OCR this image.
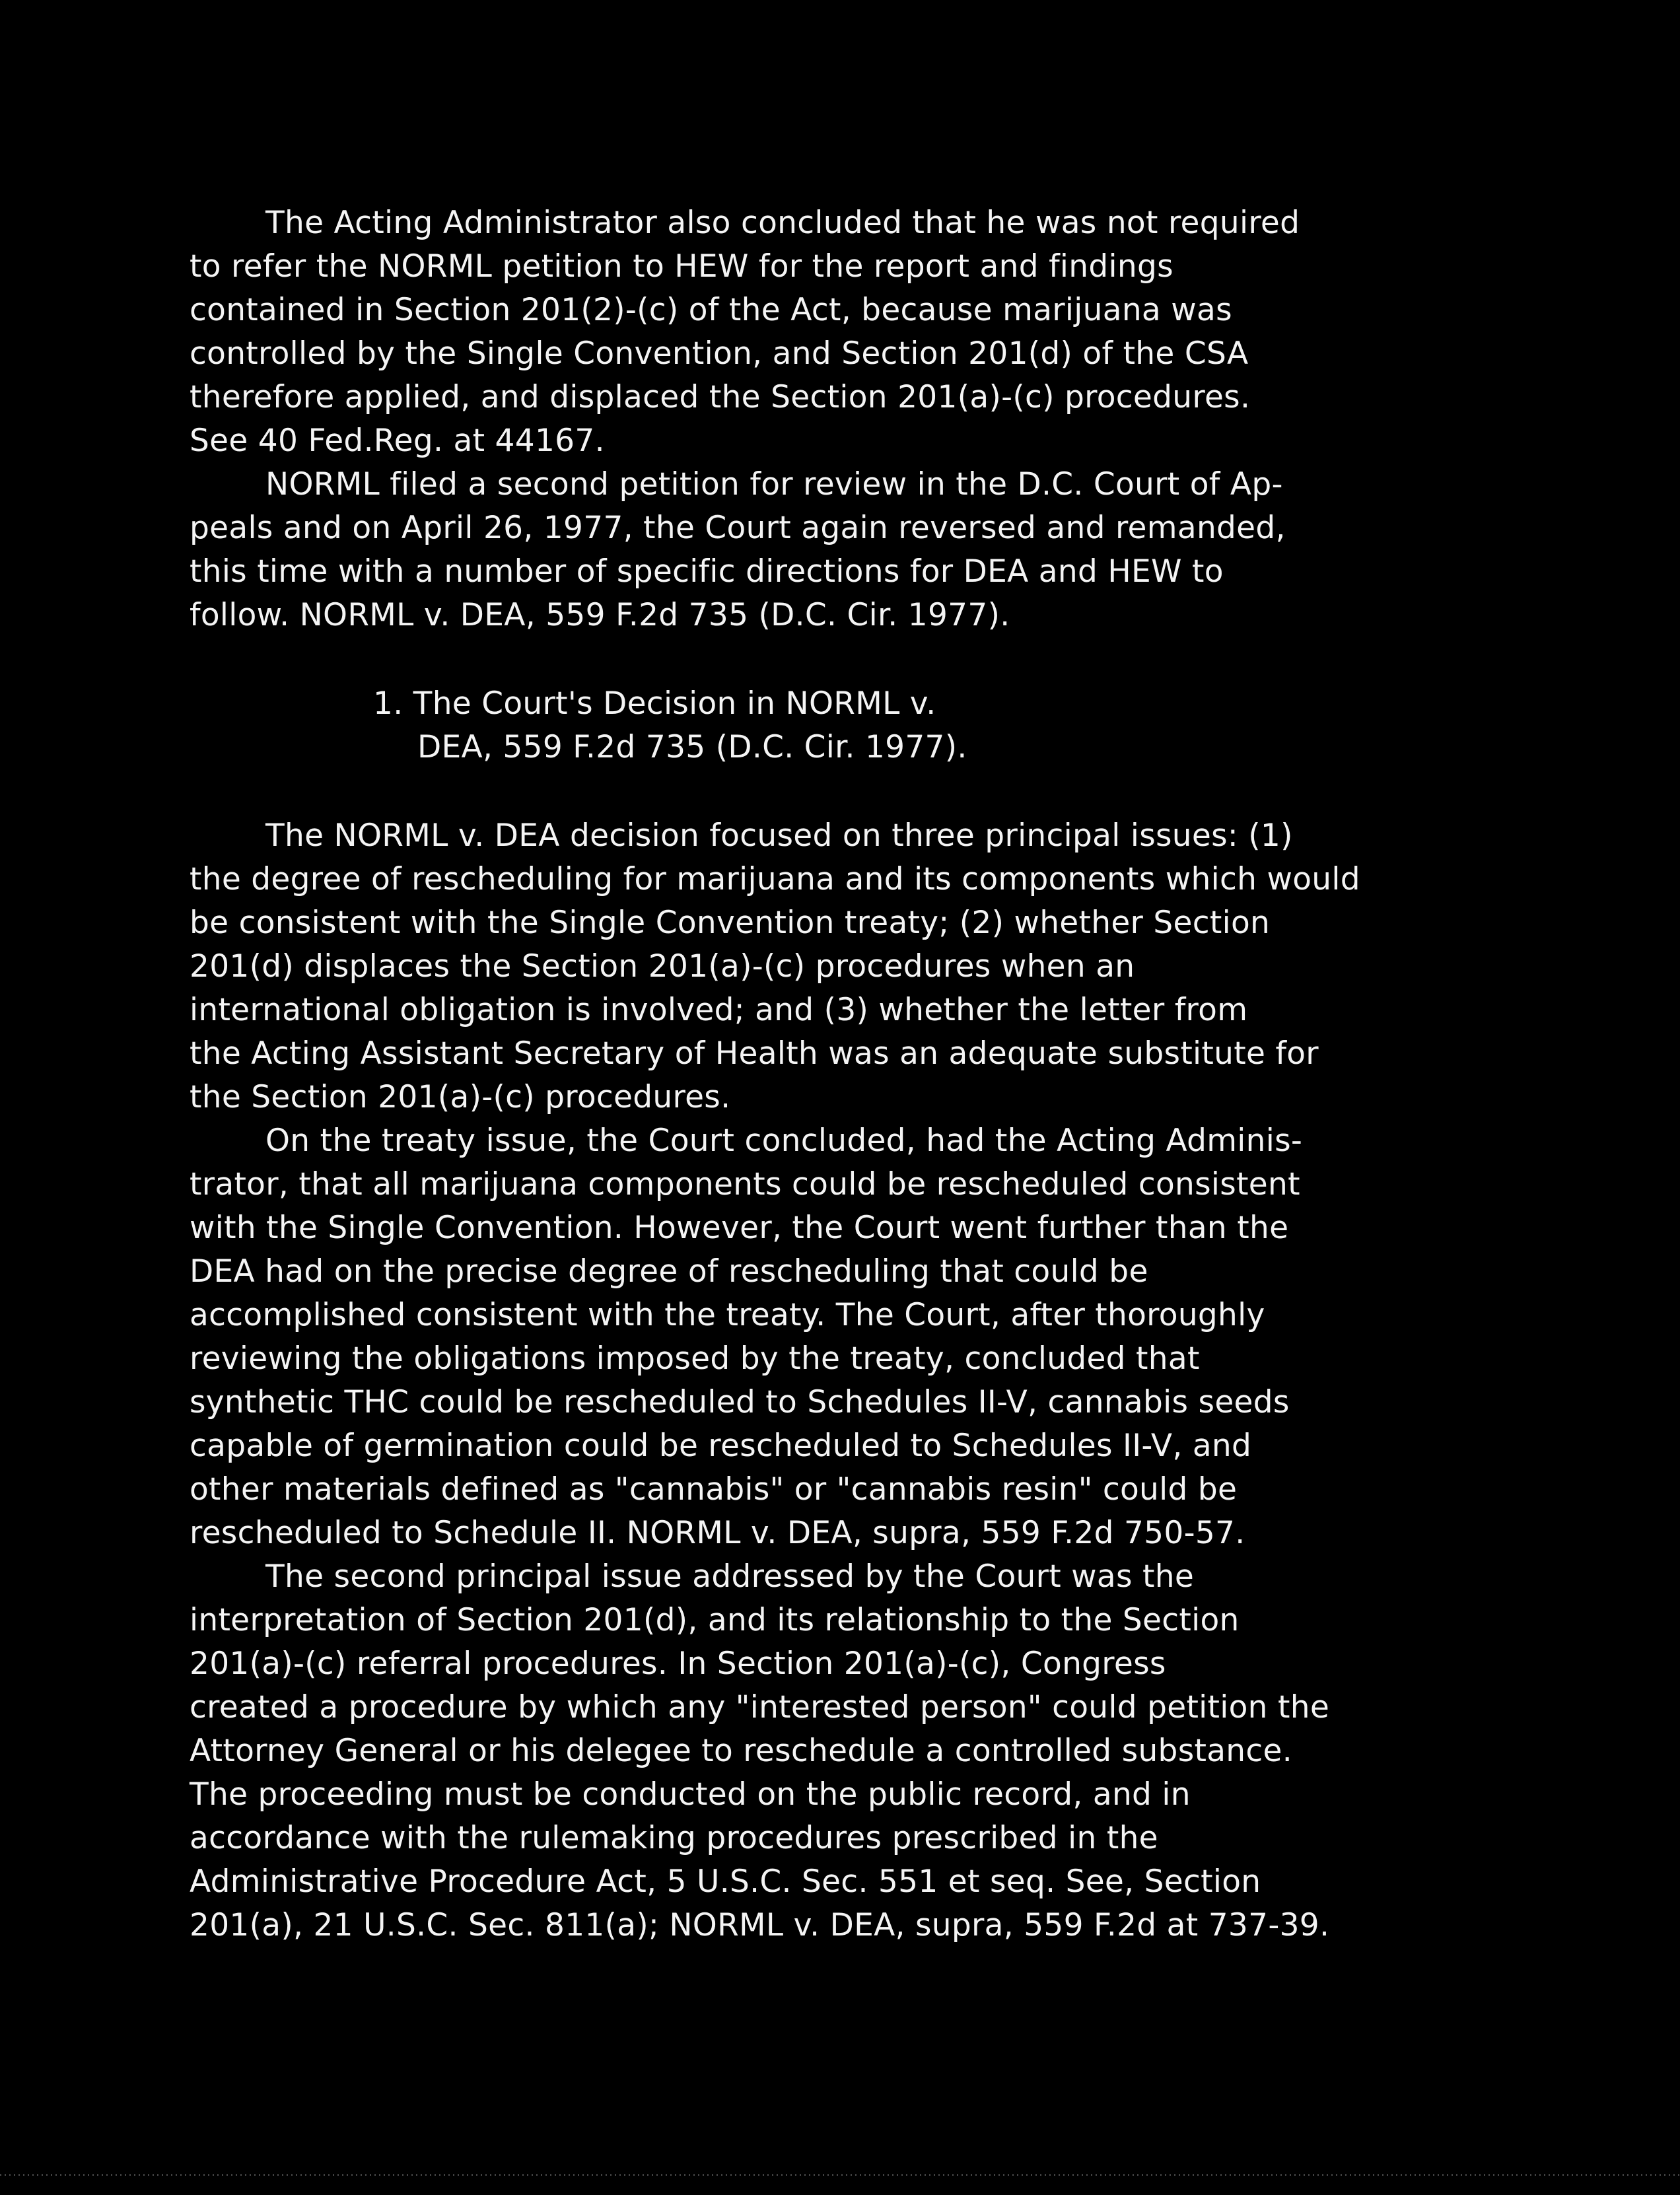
The Acting Administrator also concluded that he was not required
to refer the NORML petition to HEW for the report and findings
contained in Section 201(2)-(c) of the Act, because marijuana was
controlled by the Single Convention, and Section 201(d) of the CSA
therefore applied, and displaced the Section 201(a)-(c) procedures.
See 40 Fed.Reg. at 44167.
NORML filed a second petition for review in the D.C. Court of Ap-
peals and on April 26, 1977, the Court again reversed and remanded,
this time with a number of specific directions for DEA and HEW to
follow. NORML v. DEA, 559 F.2d 735 (D.C. Cir. 1977).
1. The Court's Decision in NORML v.
DEA, 559 F.2d 735 (D.C. Cir. 1977).
The NORML v. DEA decision focused on three principal issues: (1)
the degree of rescheduling for marijuana and its components which would
be consistent with the Single Convention treaty; (2) whether Section
201(d) displaces the Section 201(a)-(c) procedures when an
international obligation is involved; and (3) whether the letter from
the Acting Assistant Secretary of Health was an adequate substitute for
the Section 201(a)-(c) procedures.
On the treaty issue, the Court concluded, had the Acting Adminis-
trator, that all marijuana components could be rescheduled consistent
with the Single Convention. However, the Court went further than the
DEA had on the precise degree of rescheduling that could be
accomplished consistent with the treaty. The Court, after thoroughly
reviewing the obligations imposed by the treaty, concluded that
synthetic THC could be rescheduled to Schedules II-V, cannabis seeds
capable of germination could be rescheduled to Schedules II-V, and
other materials defined as "cannabis" or "cannabis resin" could be
rescheduled to Schedule II. NORML v. DEA, supra, 559 F.2d 750-57.
The second principal issue addressed by the Court was the
interpretation of Section 201(d), and its relationship to the Section
201(a)-(c) referral procedures. In Section 201(a)-(c), Congress
created a procedure by which any "interested person" could petition the
Attorney General or his delegee to reschedule a controlled substance.
The proceeding must be conducted on the public record, and in
accordance with the rulemaking procedures prescribed in the
Administrative Procedure Act, 5 U.S.C. Sec. 551 et seq. See, Section
201(a), 21 U.S.C. Sec. 811(a); NORML v. DEA, supra, 559 F.2d at 737-39.
